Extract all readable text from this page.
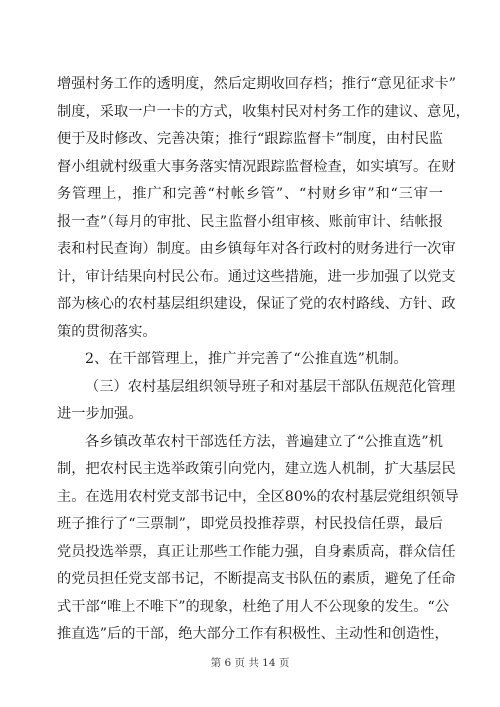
增强村务工作的透明度，然后定期收回存档；推行“意见征求卡”
制度，采取一户一卡的方式，收集村民对村务工作的建议、意见，
便于及时修改、完善决策；推行“跟踪监督卡”制度，由村民监
督小组就村级重大事务落实情况跟踪监督检查，如实填写。在财
务管理上，推广和完善“村帐乡管”、“村财乡审”和“三审一
报一查”（每月的审批、民主监督小组审核、账前审计、结帐报
表和村民查询）制度。由乡镇每年对各行政村的财务进行一次审
计，审计结果向村民公布。通过这些措施，进一步加强了以党支
部为核心的农村基层组织建设，保证了党的农村路线、方针、政
策的贯彻落实。
2、在干部管理上，推广并完善了“公推直选”机制。
（三）农村基层组织领导班子和对基层干部队伍规范化管理
进一步加强。
各乡镇改革农村干部选任方法，普遍建立了“公推直选”机
制，把农村民主选举政策引向党内，建立选人机制，扩大基层民
主。在选用农村党支部书记中，全区80%的农村基层党组织领导
班子推行了“三票制”，即党员投推荐票，村民投信任票，最后
党员投选举票，真正让那些工作能力强，自身素质高，群众信任
的党员担任党支部书记，不断提高支书队伍的素质，避免了任命
式干部“唯上不唯下”的现象，杜绝了用人不公现象的发生。“公
推直选”后的干部，绝大部分工作有积极性、主动性和创造性，
第 6 页 共 14 页
